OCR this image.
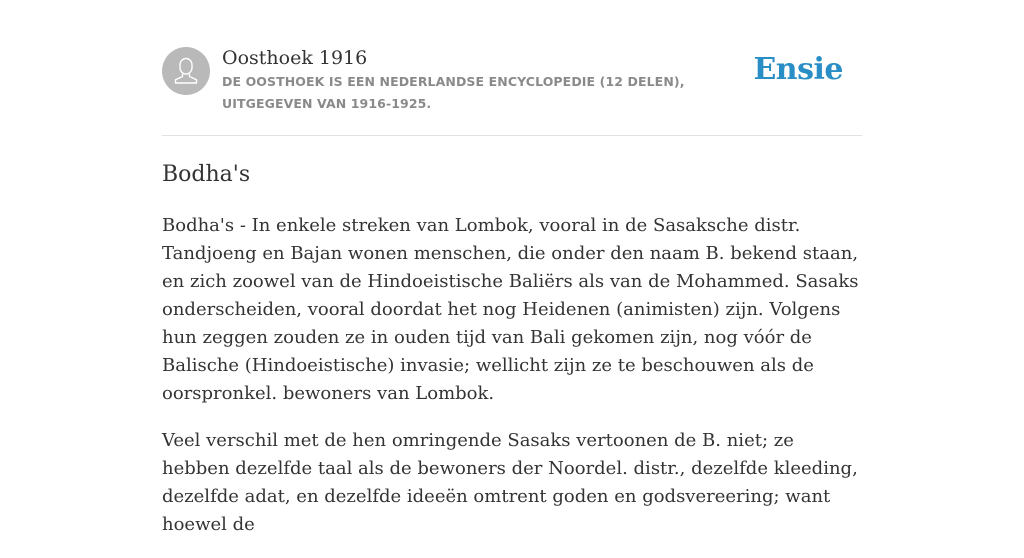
Oosthoek 1916
DE OOSTHOEK IS EEN NEDERLANDSE ENCYCLOPEDIE (12 DELEN), UITGEGEVEN VAN 1916-1925.
Ensie
Bodha's

Bodha's - In enkele streken van Lombok, vooral in de Sasaksche distr. Tandjoeng en Bajan wonen menschen, die onder den naam B. bekend staan, en zich zoowel van de Hindoeistische Baliërs als van de Mohammed. Sasaks onderscheiden, vooral doordat het nog Heidenen (animisten) zijn. Volgens hun zeggen zouden ze in ouden tijd van Bali gekomen zijn, nog vóór de Balische (Hindoeistische) invasie; wellicht zijn ze te beschouwen als de oorspronkel. bewoners van Lombok.

Veel verschil met de hen omringende Sasaks vertoonen de B. niet; ze hebben dezelfde taal als de bewoners der Noordel. distr., dezelfde kleeding, dezelfde adat, en dezelfde ideeën omtrent goden en godsvereering; want hoewel de
